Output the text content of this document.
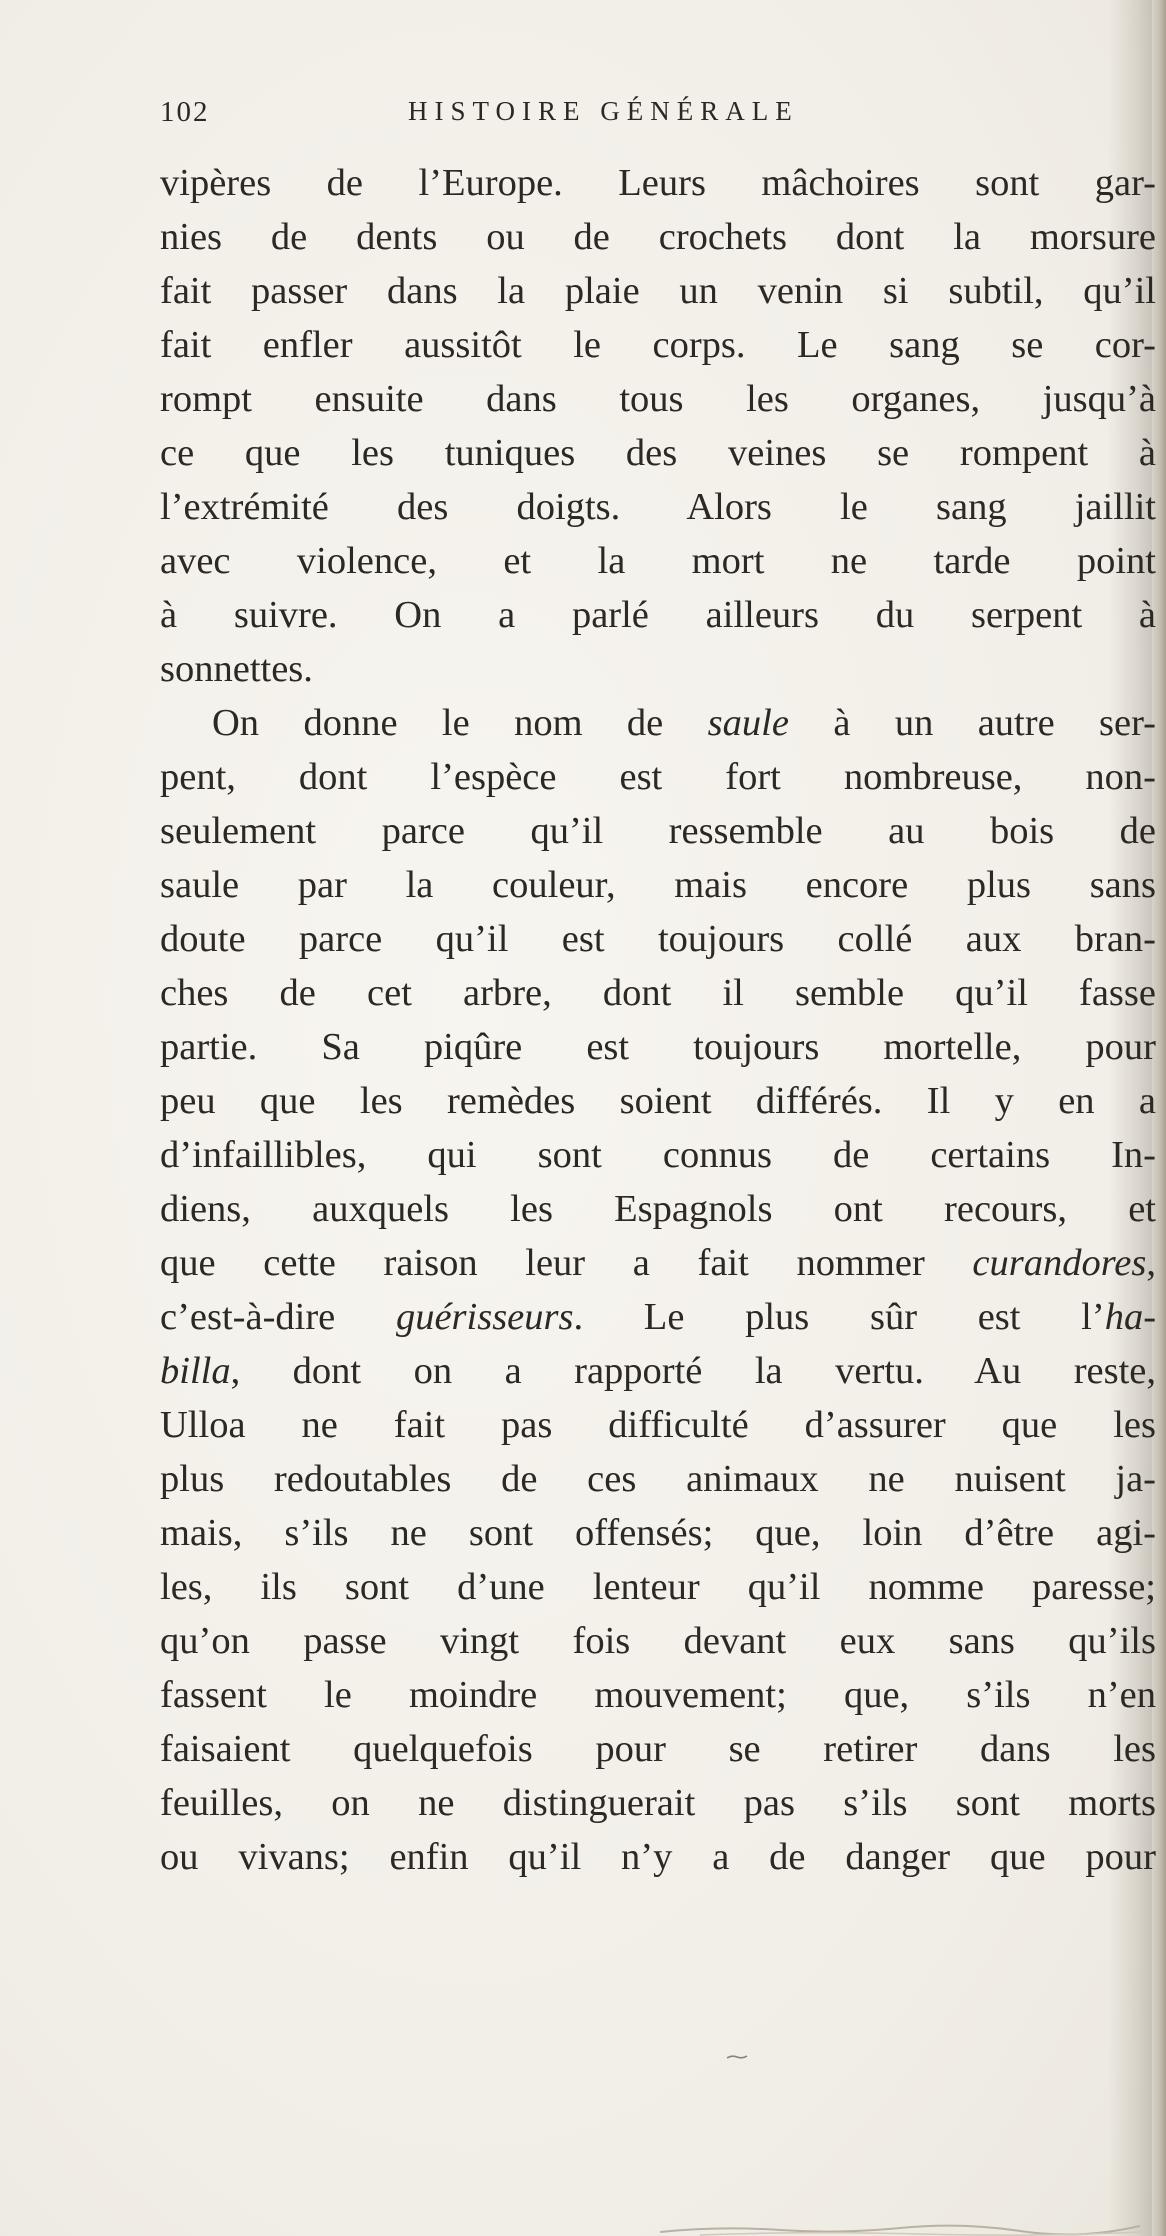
102	HISTOIRE GÉNÉRALE
vipères de l’Europe. Leurs mâchoires sont gar-
nies de dents ou de crochets dont la morsure
fait passer dans la plaie un venin si subtil, qu’il
fait enfler aussitôt le corps. Le sang se cor-
rompt ensuite dans tous les organes, jusqu’à
ce que les tuniques des veines se rompent à
l’extrémité des doigts. Alors le sang jaillit
avec violence, et la mort ne tarde point
à suivre. On a parlé ailleurs du serpent à
sonnettes.
On donne le nom de saule à un autre ser-
pent, dont l’espèce est fort nombreuse, non-
seulement parce qu’il ressemble au bois de
saule par la couleur, mais encore plus sans
doute parce qu’il est toujours collé aux bran-
ches de cet arbre, dont il semble qu’il fasse
partie. Sa piqûre est toujours mortelle, pour
peu que les remèdes soient différés. Il y en a
d’infaillibles, qui sont connus de certains In-
diens, auxquels les Espagnols ont recours, et
que cette raison leur a fait nommer curandores,
c’est-à-dire guérisseurs. Le plus sûr est l’ha-
billa, dont on a rapporté la vertu. Au reste,
Ulloa ne fait pas difficulté d’assurer que les
plus redoutables de ces animaux ne nuisent ja-
mais, s’ils ne sont offensés; que, loin d’être agi-
les, ils sont d’une lenteur qu’il nomme paresse;
qu’on passe vingt fois devant eux sans qu’ils
fassent le moindre mouvement; que, s’ils n’en
faisaient quelquefois pour se retirer dans les
feuilles, on ne distinguerait pas s’ils sont morts
ou vivans; enfin qu’il n’y a de danger que pour
